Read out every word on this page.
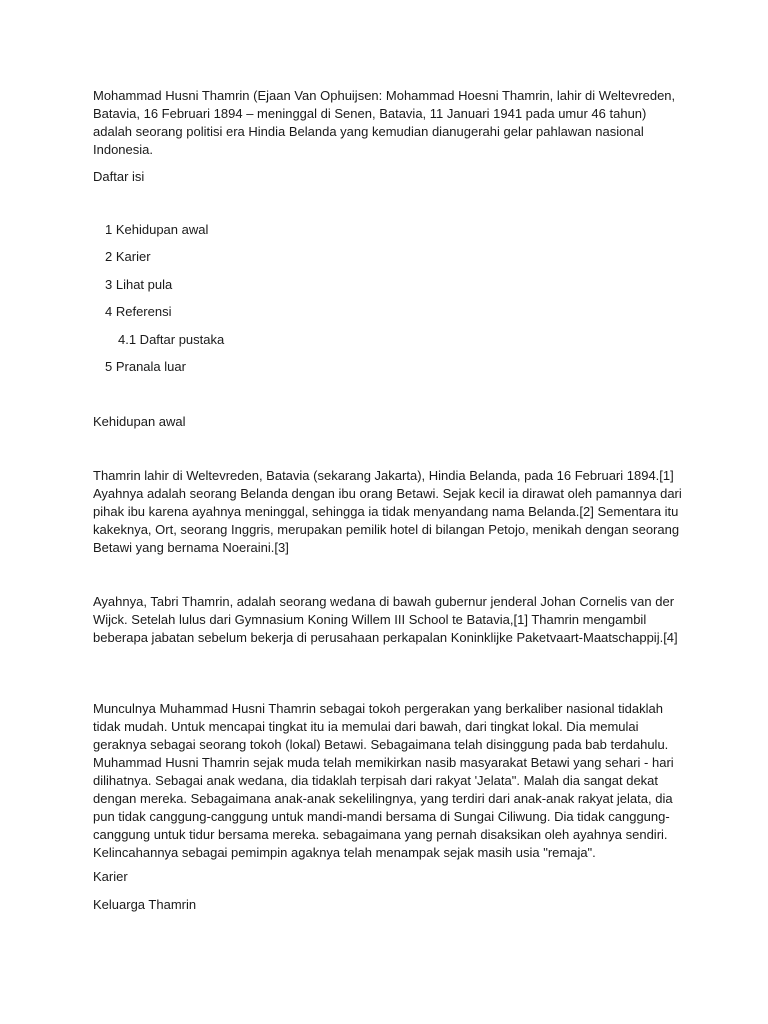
Mohammad Husni Thamrin (Ejaan Van Ophuijsen: Mohammad Hoesni Thamrin, lahir di Weltevreden, Batavia, 16 Februari 1894 – meninggal di Senen, Batavia, 11 Januari 1941 pada umur 46 tahun) adalah seorang politisi era Hindia Belanda yang kemudian dianugerahi gelar pahlawan nasional Indonesia.

Daftar isi

1 Kehidupan awal
2 Karier
3 Lihat pula
4 Referensi
4.1 Daftar pustaka
5 Pranala luar

Kehidupan awal

Thamrin lahir di Weltevreden, Batavia (sekarang Jakarta), Hindia Belanda, pada 16 Februari 1894.[1] Ayahnya adalah seorang Belanda dengan ibu orang Betawi. Sejak kecil ia dirawat oleh pamannya dari pihak ibu karena ayahnya meninggal, sehingga ia tidak menyandang nama Belanda.[2] Sementara itu kakeknya, Ort, seorang Inggris, merupakan pemilik hotel di bilangan Petojo, menikah dengan seorang Betawi yang bernama Noeraini.[3]

Ayahnya, Tabri Thamrin, adalah seorang wedana di bawah gubernur jenderal Johan Cornelis van der Wijck. Setelah lulus dari Gymnasium Koning Willem III School te Batavia,[1] Thamrin mengambil beberapa jabatan sebelum bekerja di perusahaan perkapalan Koninklijke Paketvaart-Maatschappij.[4]

Munculnya Muhammad Husni Thamrin sebagai tokoh pergerakan yang berkaliber nasional tidaklah tidak mudah. Untuk mencapai tingkat itu ia memulai dari bawah, dari tingkat lokal. Dia memulai geraknya sebagai seorang tokoh (lokal) Betawi. Sebagaimana telah disinggung pada bab terdahulu. Muhammad Husni Thamrin sejak muda telah memikirkan nasib masyarakat Betawi yang sehari - hari dilihatnya. Sebagai anak wedana, dia tidaklah terpisah dari rakyat 'Jelata". Malah dia sangat dekat dengan mereka. Sebagaimana anak-anak sekelilingnya, yang terdiri dari anak-anak rakyat jelata, dia pun tidak canggung-canggung untuk mandi-mandi bersama di Sungai Ciliwung. Dia tidak canggung-canggung untuk tidur bersama mereka. sebagaimana yang pernah disaksikan oleh ayahnya sendiri. Kelincahannya sebagai pemimpin agaknya telah menampak sejak masih usia "remaja".

Karier

Keluarga Thamrin
